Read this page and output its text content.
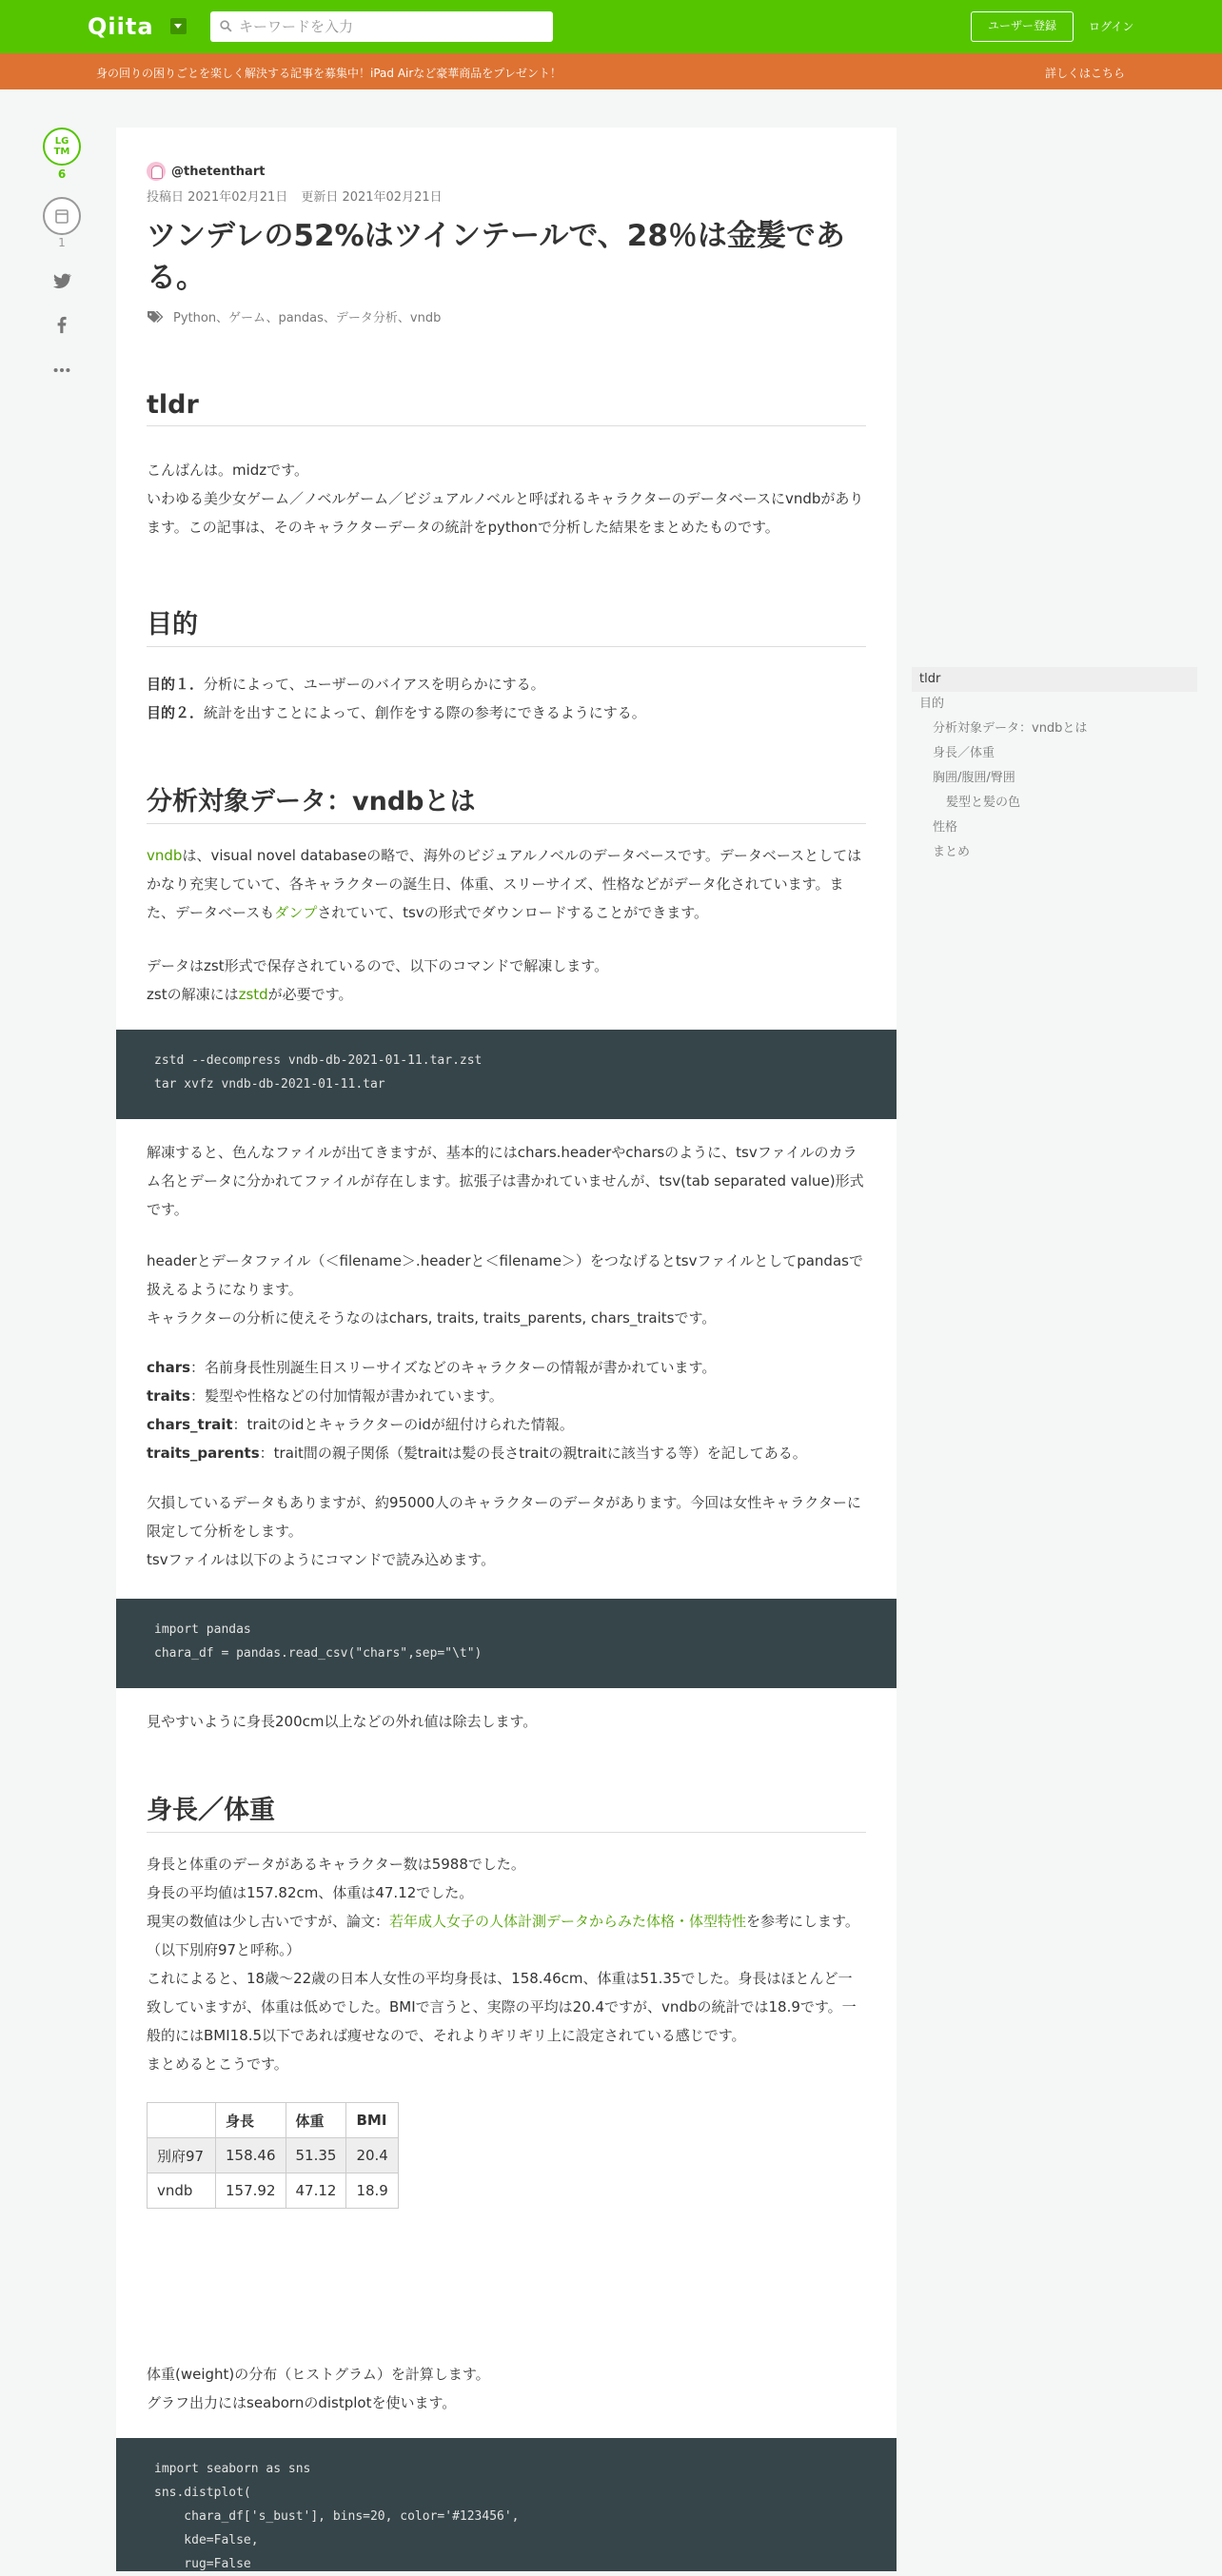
Qiita
キーワードを入力	ユーザー登録	ログイン
身の回りの困りごとを楽しく解決する記事を募集中！iPad Airなど豪華商品をプレゼント！	詳しくはこちら
LG
TM
6
1
@thetenthart
投稿日 2021年02月21日 更新日 2021年02月21日
ツンデレの52%はツインテールで、28％は金髪である。
Python、ゲーム、pandas、データ分析、vndb
tldr

こんばんは。midzです。
いわゆる美少女ゲーム／ノベルゲーム／ビジュアルノベルと呼ばれるキャラクターのデータベースにvndbがあります。この記事は、そのキャラクターデータの統計をpythonで分析した結果をまとめたものです。

目的

目的１．分析によって、ユーザーのバイアスを明らかにする。
目的２．統計を出すことによって、創作をする際の参考にできるようにする。

分析対象データ：vndbとは

vndbは、visual novel databaseの略で、海外のビジュアルノベルのデータベースです。データベースとしてはかなり充実していて、各キャラクターの誕生日、体重、スリーサイズ、性格などがデータ化されています。また、データベースもダンプされていて、tsvの形式でダウンロードすることができます。

データはzst形式で保存されているので、以下のコマンドで解凍します。
zstの解凍にはzstdが必要です。

zstd --decompress vndb-db-2021-01-11.tar.zst
tar xvfz vndb-db-2021-01-11.tar

解凍すると、色んなファイルが出てきますが、基本的にはchars.headerやcharsのように、tsvファイルのカラム名とデータに分かれてファイルが存在します。拡張子は書かれていませんが、tsv(tab separated value)形式です。

headerとデータファイル（＜filename＞.headerと＜filename＞）をつなげるとtsvファイルとしてpandasで扱えるようになります。
キャラクターの分析に使えそうなのはchars, traits, traits_parents, chars_traitsです。

chars：名前身長性別誕生日スリーサイズなどのキャラクターの情報が書かれています。
traits：髪型や性格などの付加情報が書かれています。
chars_trait：traitのidとキャラクターのidが紐付けられた情報。
traits_parents：trait間の親子関係（髪traitは髪の長さtraitの親traitに該当する等）を記してある。

欠損しているデータもありますが、約95000人のキャラクターのデータがあります。今回は女性キャラクターに限定して分析をします。
tsvファイルは以下のようにコマンドで読み込めます。

import pandas
chara_df = pandas.read_csv("chars",sep="\t")

見やすいように身長200cm以上などの外れ値は除去します。

身長／体重

身長と体重のデータがあるキャラクター数は5988でした。
身長の平均値は157.82cm、体重は47.12でした。
現実の数値は少し古いですが、論文：若年成人女子の人体計測データからみた体格・体型特性を参考にします。（以下別府97と呼称。）
これによると、18歳〜22歳の日本人女性の平均身長は、158.46cm、体重は51.35でした。身長はほとんど一致していますが、体重は低めでした。BMIで言うと、実際の平均は20.4ですが、vndbの統計では18.9です。一般的にはBMI18.5以下であれば痩せなので、それよりギリギリ上に設定されている感じです。
まとめるとこうです。

	身長	体重	BMI
別府97	158.46	51.35	20.4
vndb	157.92	47.12	18.9

体重(weight)の分布（ヒストグラム）を計算します。
グラフ出力にはseabornのdistplotを使います。

import seaborn as sns
sns.distplot(
chara_df['s_bust'], bins=20, color='#123456',
kde=False,
rug=False
tldr
目的
分析対象データ：vndbとは
身長／体重
胸囲/腹囲/臀囲
髪型と髪の色
性格
まとめ
